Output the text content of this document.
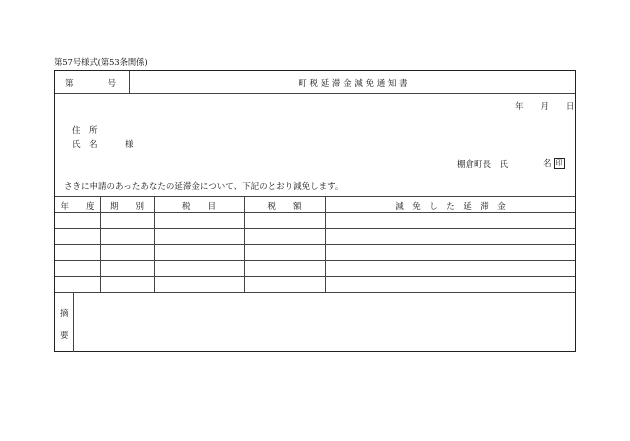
第57号様式(第53条関係)
第　　　　号	町 税 延 滞 金 減 免 通 知 書
年　　月　　日
住　所
氏　名	様
棚倉町長　氏	名 印
さきに申請のあったあなたの延滞金について、下記のとおり減免します。
年　　度	期　　別	税　　目	税　　額	減　免　し　た　延　滞　金
摘
要
